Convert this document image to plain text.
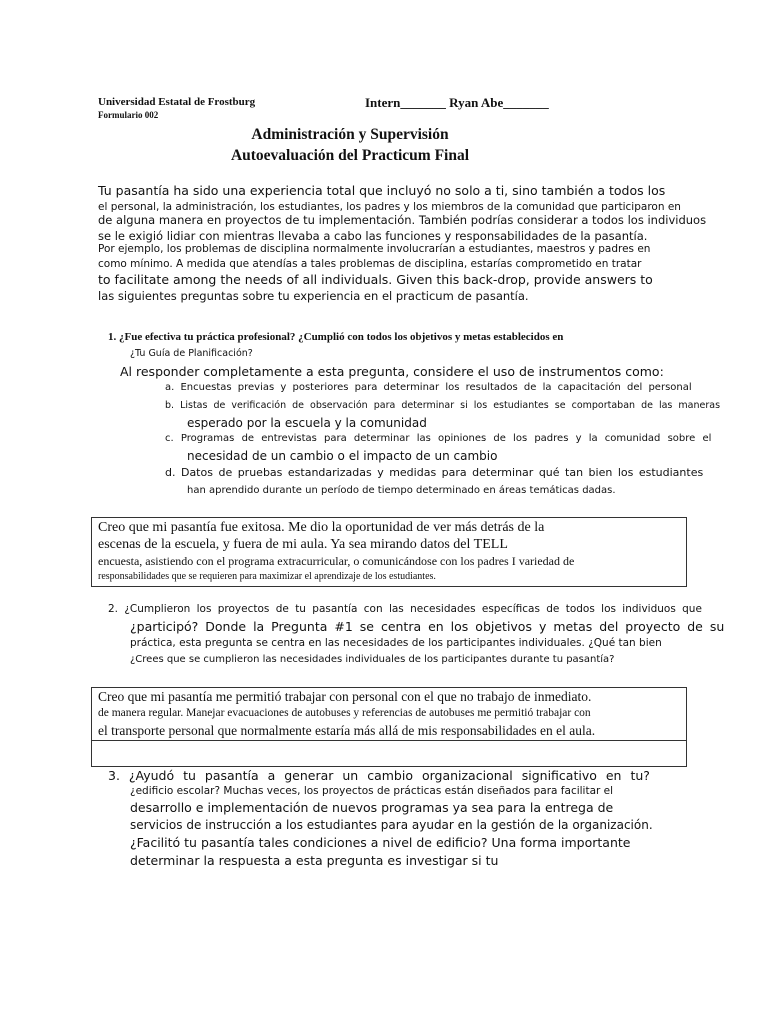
Universidad Estatal de Frostburg
Formulario 002
Intern_______ Ryan Abe_______
Administración y Supervisión
Autoevaluación del Practicum Final
Tu pasantía ha sido una experiencia total que incluyó no solo a ti, sino también a todos los
el personal, la administración, los estudiantes, los padres y los miembros de la comunidad que participaron en
de alguna manera en proyectos de tu implementación. También podrías considerar a todos los individuos
se le exigió lidiar con mientras llevaba a cabo las funciones y responsabilidades de la pasantía.
Por ejemplo, los problemas de disciplina normalmente involucrarían a estudiantes, maestros y padres en
como mínimo. A medida que atendías a tales problemas de disciplina, estarías comprometido en tratar
to facilitate among the needs of all individuals. Given this back-drop, provide answers to
las siguientes preguntas sobre tu experiencia en el practicum de pasantía.
1. ¿Fue efectiva tu práctica profesional? ¿Cumplió con todos los objetivos y metas establecidos en
¿Tu Guía de Planificación?
Al responder completamente a esta pregunta, considere el uso de instrumentos como:
a. Encuestas previas y posteriores para determinar los resultados de la capacitación del personal
b. Listas de verificación de observación para determinar si los estudiantes se comportaban de las maneras
esperado por la escuela y la comunidad
c. Programas de entrevistas para determinar las opiniones de los padres y la comunidad sobre el
necesidad de un cambio o el impacto de un cambio
d. Datos de pruebas estandarizadas y medidas para determinar qué tan bien los estudiantes
han aprendido durante un período de tiempo determinado en áreas temáticas dadas.
Creo que mi pasantía fue exitosa. Me dio la oportunidad de ver más detrás de la
escenas de la escuela, y fuera de mi aula. Ya sea mirando datos del TELL
encuesta, asistiendo con el programa extracurricular, o comunicándose con los padres I variedad de
responsabilidades que se requieren para maximizar el aprendizaje de los estudiantes.
2. ¿Cumplieron los proyectos de tu pasantía con las necesidades específicas de todos los individuos que
¿participó? Donde la Pregunta #1 se centra en los objetivos y metas del proyecto de su
práctica, esta pregunta se centra en las necesidades de los participantes individuales. ¿Qué tan bien
¿Crees que se cumplieron las necesidades individuales de los participantes durante tu pasantía?
Creo que mi pasantía me permitió trabajar con personal con el que no trabajo de inmediato.
de manera regular. Manejar evacuaciones de autobuses y referencias de autobuses me permitió trabajar con
el transporte personal que normalmente estaría más allá de mis responsabilidades en el aula.
3. ¿Ayudó tu pasantía a generar un cambio organizacional significativo en tu?
¿edificio escolar? Muchas veces, los proyectos de prácticas están diseñados para facilitar el
desarrollo e implementación de nuevos programas ya sea para la entrega de
servicios de instrucción a los estudiantes para ayudar en la gestión de la organización.
¿Facilitó tu pasantía tales condiciones a nivel de edificio? Una forma importante
determinar la respuesta a esta pregunta es investigar si tu
